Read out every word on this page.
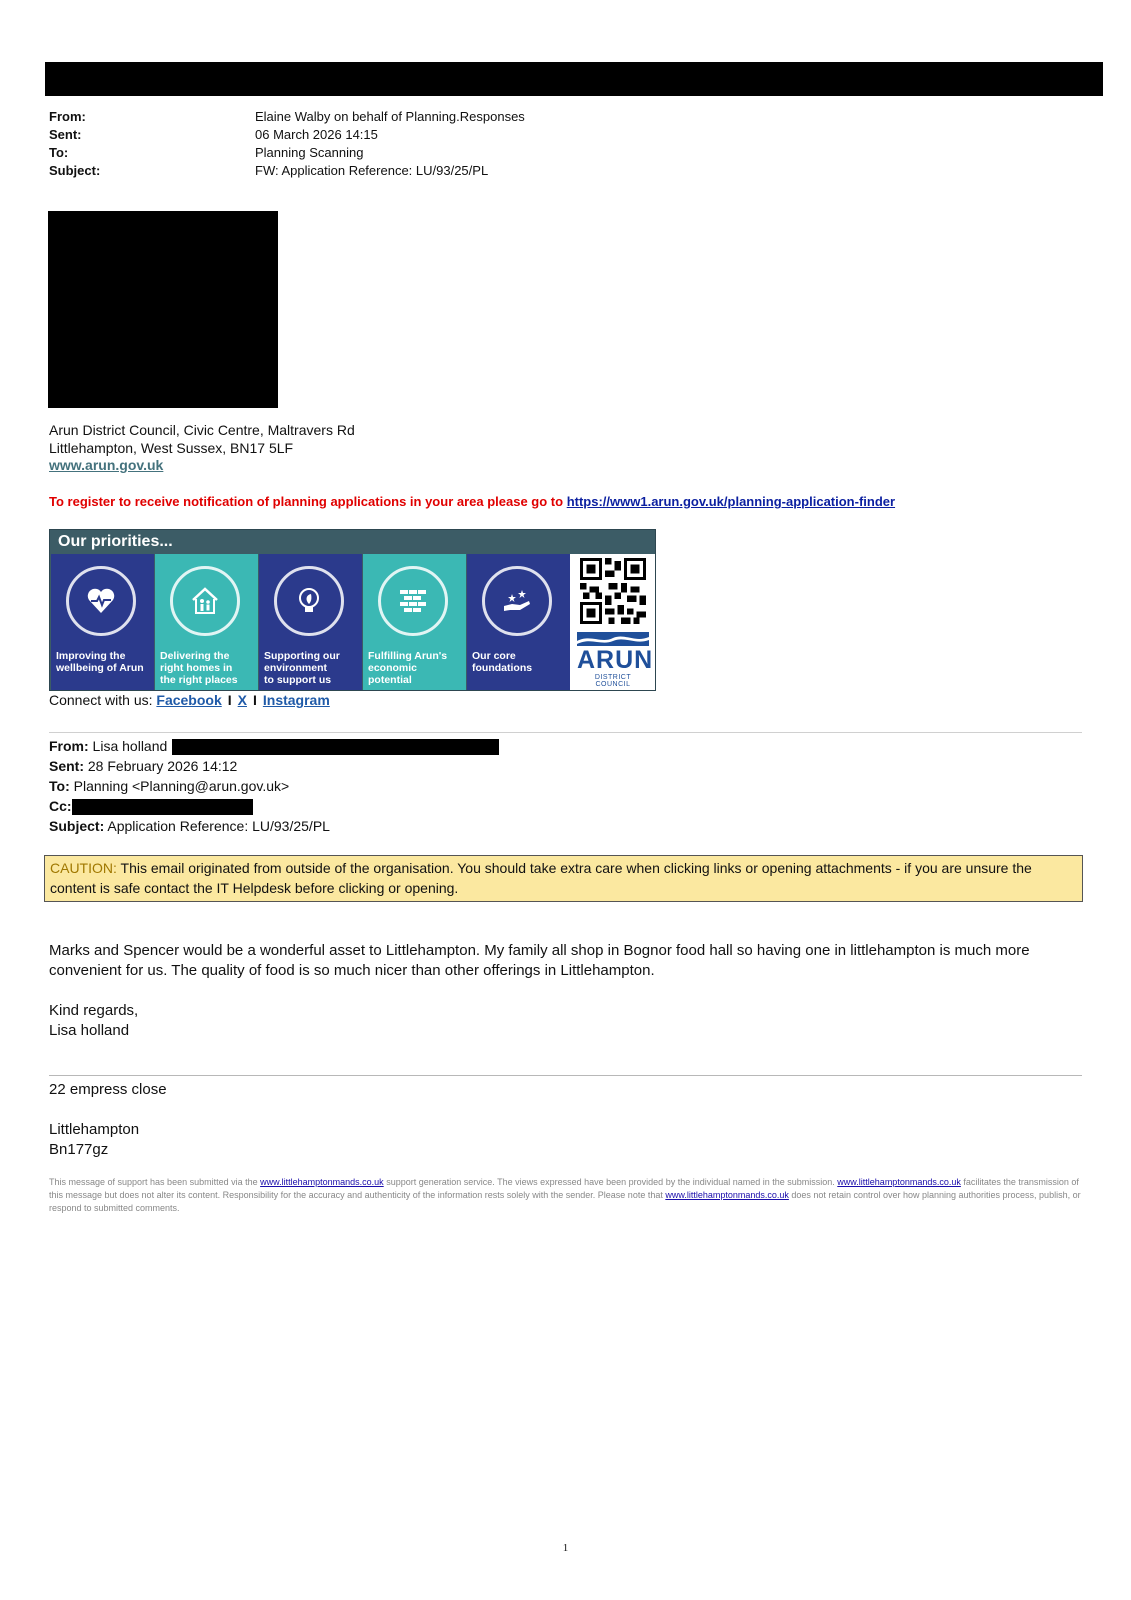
From:	Elaine Walby on behalf of Planning.Responses
Sent:	06 March 2026 14:15
To:	Planning Scanning
Subject:	FW: Application Reference: LU/93/25/PL
Arun District Council, Civic Centre, Maltravers Rd
Littlehampton, West Sussex, BN17 5LF
www.arun.gov.uk
To register to receive notification of planning applications in your area please go to https://www1.arun.gov.uk/planning-application-finder
Our priorities...
Improving the
wellbeing of Arun
Delivering the
right homes in
the right places
Supporting our
environment
to support us
Fulfilling Arun's
economic
potential
Our core
foundations ARUN
DISTRICT COUNCIL
Connect with us: Facebook I X I Instagram
From: Lisa holland
Sent: 28 February 2026 14:12
To: Planning <Planning@arun.gov.uk>
Cc:
Subject: Application Reference: LU/93/25/PL
CAUTION: This email originated from outside of the organisation. You should take extra care when clicking links or opening attachments - if you are unsure the content is safe contact the IT Helpdesk before clicking or opening.
Marks and Spencer would be a wonderful asset to Littlehampton. My family all shop in Bognor food hall so having one in littlehampton is much more convenient for us. The quality of food is so much nicer than other offerings in Littlehampton.
Kind regards,
Lisa holland
22 empress close
Littlehampton
Bn177gz
This message of support has been submitted via the www.littlehamptonmands.co.uk support generation service. The views expressed have been provided by the individual named in the submission. www.littlehamptonmands.co.uk facilitates the transmission of this message but does not alter its content. Responsibility for the accuracy and authenticity of the information rests solely with the sender. Please note that www.littlehamptonmands.co.uk does not retain control over how planning authorities process, publish, or respond to submitted comments.
1
